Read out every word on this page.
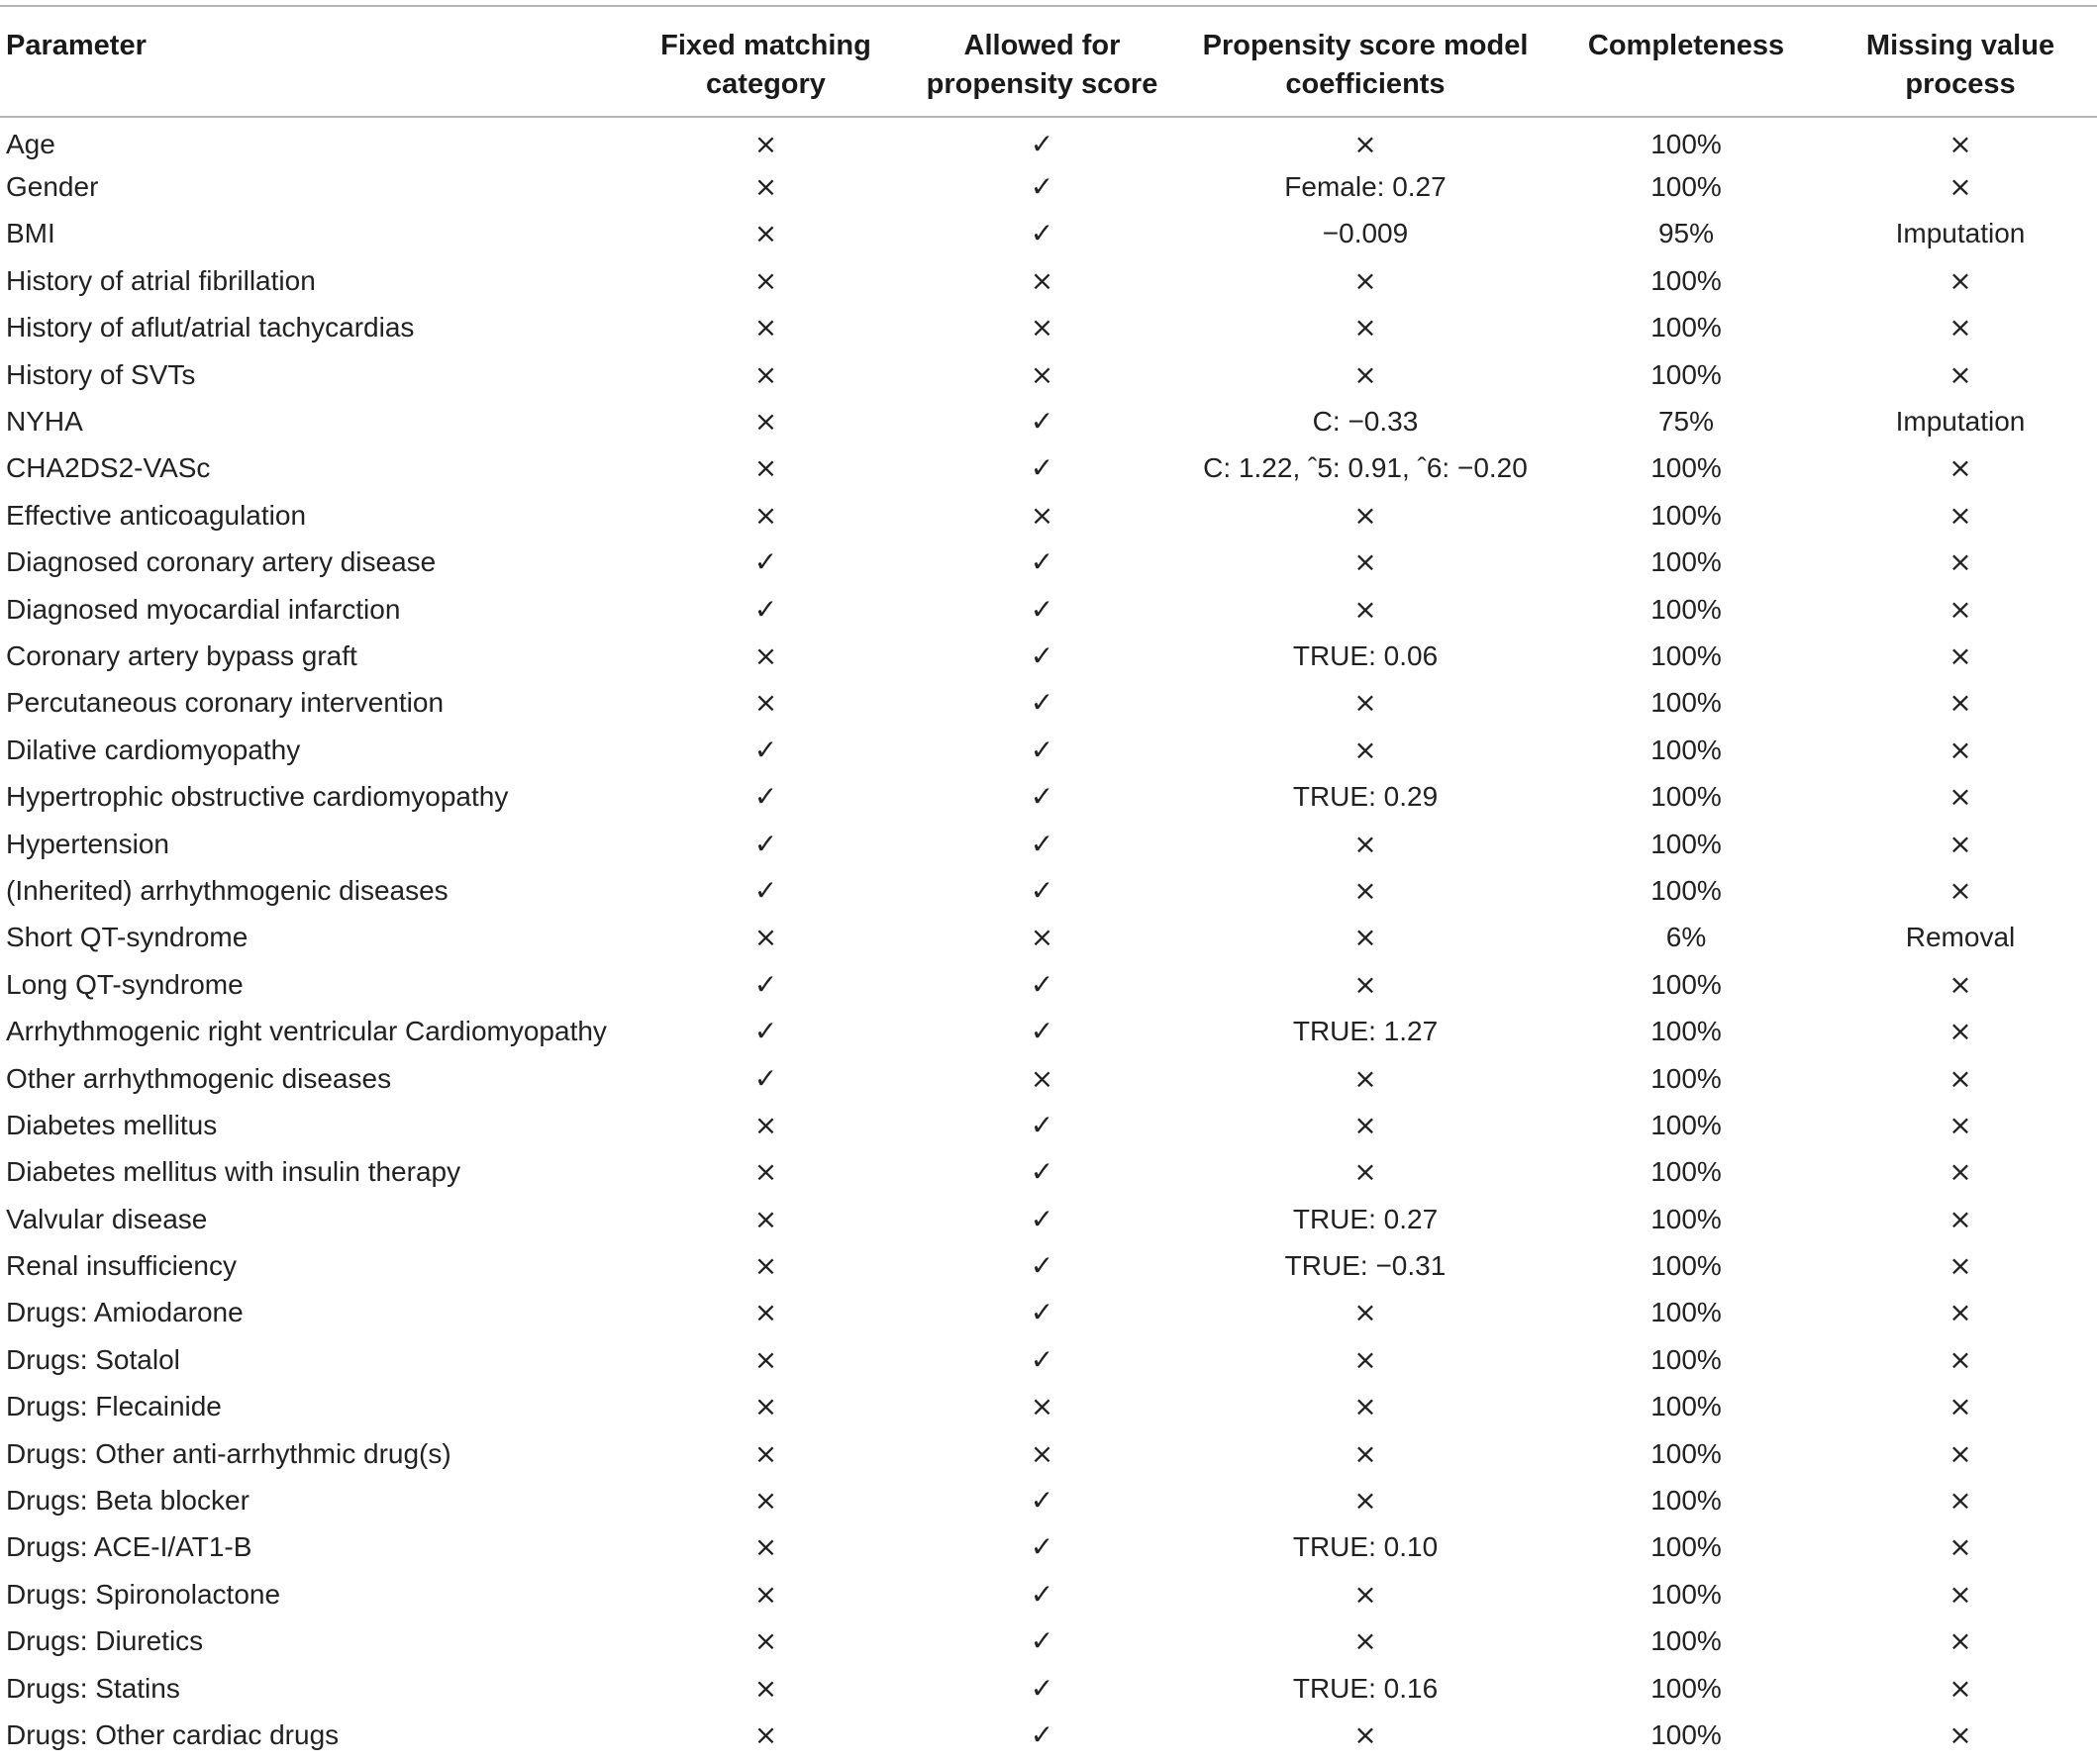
Parameter	Fixed matching category	Allowed for propensity score	Propensity score model coefficients	Completeness	Missing value process
Age	×	✓	×	100%	×
Gender	×	✓	Female: 0.27	100%	×
BMI	×	✓	−0.009	95%	Imputation
History of atrial fibrillation	×	×	×	100%	×
History of aflut/atrial tachycardias	×	×	×	100%	×
History of SVTs	×	×	×	100%	×
NYHA	×	✓	C: −0.33	75%	Imputation
CHA2DS2-VASc	×	✓	C: 1.22, ˆ5: 0.91, ˆ6: −0.20	100%	×
Effective anticoagulation	×	×	×	100%	×
Diagnosed coronary artery disease	✓	✓	×	100%	×
Diagnosed myocardial infarction	✓	✓	×	100%	×
Coronary artery bypass graft	×	✓	TRUE: 0.06	100%	×
Percutaneous coronary intervention	×	✓	×	100%	×
Dilative cardiomyopathy	✓	✓	×	100%	×
Hypertrophic obstructive cardiomyopathy	✓	✓	TRUE: 0.29	100%	×
Hypertension	✓	✓	×	100%	×
(Inherited) arrhythmogenic diseases	✓	✓	×	100%	×
Short QT-syndrome	×	×	×	6%	Removal
Long QT-syndrome	✓	✓	×	100%	×
Arrhythmogenic right ventricular Cardiomyopathy	✓	✓	TRUE: 1.27	100%	×
Other arrhythmogenic diseases	✓	×	×	100%	×
Diabetes mellitus	×	✓	×	100%	×
Diabetes mellitus with insulin therapy	×	✓	×	100%	×
Valvular disease	×	✓	TRUE: 0.27	100%	×
Renal insufficiency	×	✓	TRUE: −0.31	100%	×
Drugs: Amiodarone	×	✓	×	100%	×
Drugs: Sotalol	×	✓	×	100%	×
Drugs: Flecainide	×	×	×	100%	×
Drugs: Other anti-arrhythmic drug(s)	×	×	×	100%	×
Drugs: Beta blocker	×	✓	×	100%	×
Drugs: ACE-I/AT1-B	×	✓	TRUE: 0.10	100%	×
Drugs: Spironolactone	×	✓	×	100%	×
Drugs: Diuretics	×	✓	×	100%	×
Drugs: Statins	×	✓	TRUE: 0.16	100%	×
Drugs: Other cardiac drugs	×	✓	×	100%	×
